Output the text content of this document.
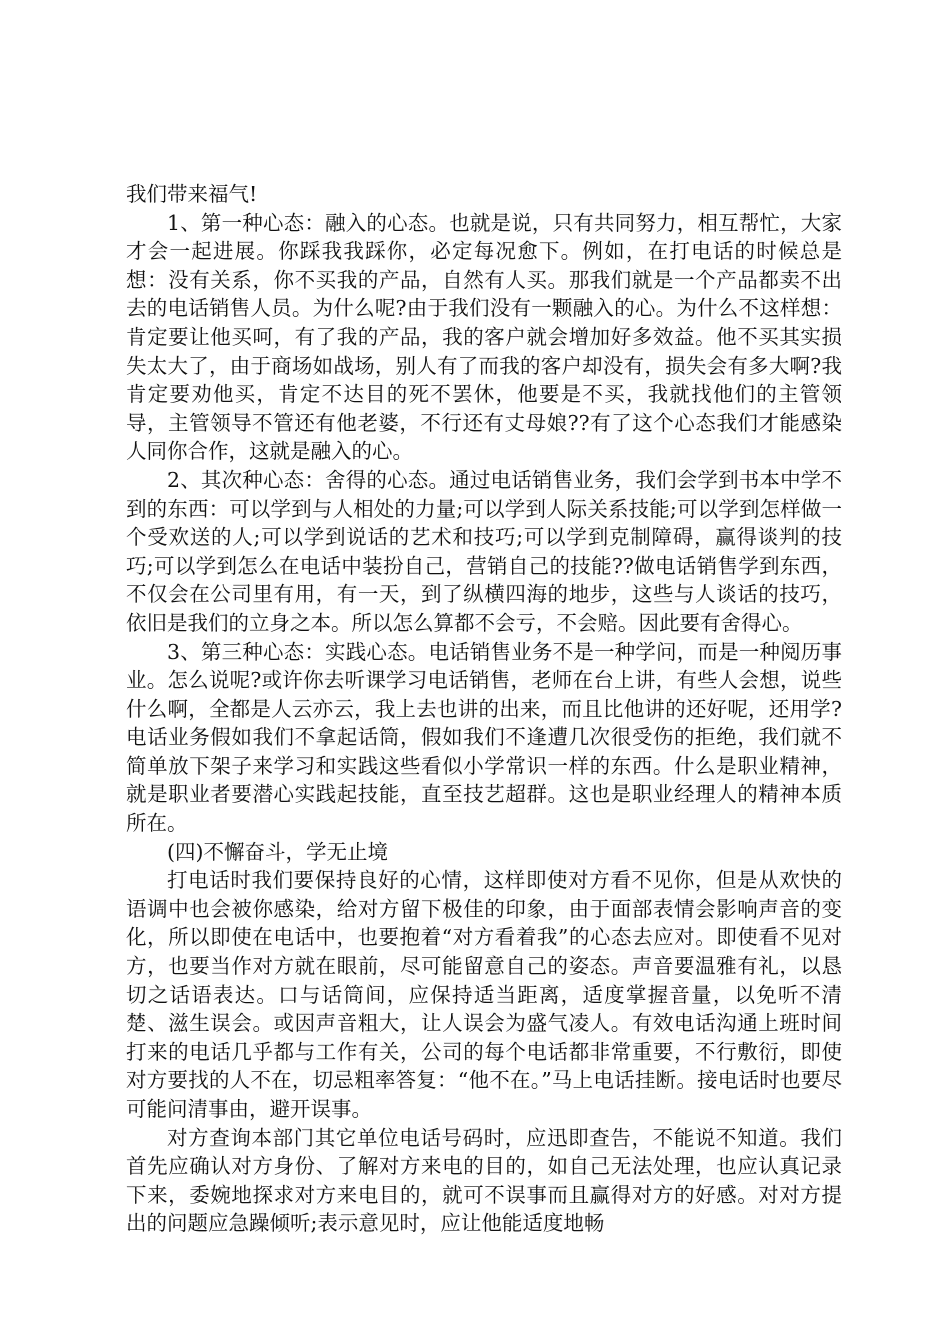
我们带来福气!

1、第一种心态：融入的心态。也就是说，只有共同努力，相互帮忙，大家才会一起进展。你踩我我踩你，必定每况愈下。例如，在打电话的时候总是想：没有关系，你不买我的产品，自然有人买。那我们就是一个产品都卖不出去的电话销售人员。为什么呢?由于我们没有一颗融入的心。为什么不这样想：肯定要让他买呵，有了我的产品，我的客户就会增加好多效益。他不买其实损失太大了，由于商场如战场，别人有了而我的客户却没有，损失会有多大啊?我肯定要劝他买，肯定不达目的死不罢休，他要是不买，我就找他们的主管领导，主管领导不管还有他老婆，不行还有丈母娘??有了这个心态我们才能感染人同你合作，这就是融入的心。

2、其次种心态：舍得的心态。通过电话销售业务，我们会学到书本中学不到的东西：可以学到与人相处的力量;可以学到人际关系技能;可以学到怎样做一个受欢送的人;可以学到说话的艺术和技巧;可以学到克制障碍，赢得谈判的技巧;可以学到怎么在电话中装扮自己，营销自己的技能??做电话销售学到东西，不仅会在公司里有用，有一天，到了纵横四海的地步，这些与人谈话的技巧，依旧是我们的立身之本。所以怎么算都不会亏，不会赔。因此要有舍得心。

3、第三种心态：实践心态。电话销售业务不是一种学问，而是一种阅历事业。怎么说呢?或许你去听课学习电话销售，老师在台上讲，有些人会想，说些什么啊，全都是人云亦云，我上去也讲的出来，而且比他讲的还好呢，还用学?电话业务假如我们不拿起话筒，假如我们不逢遭几次很受伤的拒绝，我们就不简单放下架子来学习和实践这些看似小学常识一样的东西。什么是职业精神，就是职业者要潜心实践起技能，直至技艺超群。这也是职业经理人的精神本质所在。

(四)不懈奋斗，学无止境

打电话时我们要保持良好的心情，这样即使对方看不见你，但是从欢快的语调中也会被你感染，给对方留下极佳的印象，由于面部表情会影响声音的变化，所以即使在电话中，也要抱着“对方看着我”的心态去应对。即使看不见对方，也要当作对方就在眼前，尽可能留意自己的姿态。声音要温雅有礼，以恳切之话语表达。口与话筒间，应保持适当距离，适度掌握音量，以免听不清楚、滋生误会。或因声音粗大，让人误会为盛气凌人。有效电话沟通上班时间打来的电话几乎都与工作有关，公司的每个电话都非常重要，不行敷衍，即使对方要找的人不在，切忌粗率答复：“他不在。”马上电话挂断。接电话时也要尽可能问清事由，避开误事。

对方查询本部门其它单位电话号码时，应迅即查告，不能说不知道。我们首先应确认对方身份、了解对方来电的目的，如自己无法处理，也应认真记录下来，委婉地探求对方来电目的，就可不误事而且赢得对方的好感。对对方提出的问题应急躁倾听;表示意见时，应让他能适度地畅
